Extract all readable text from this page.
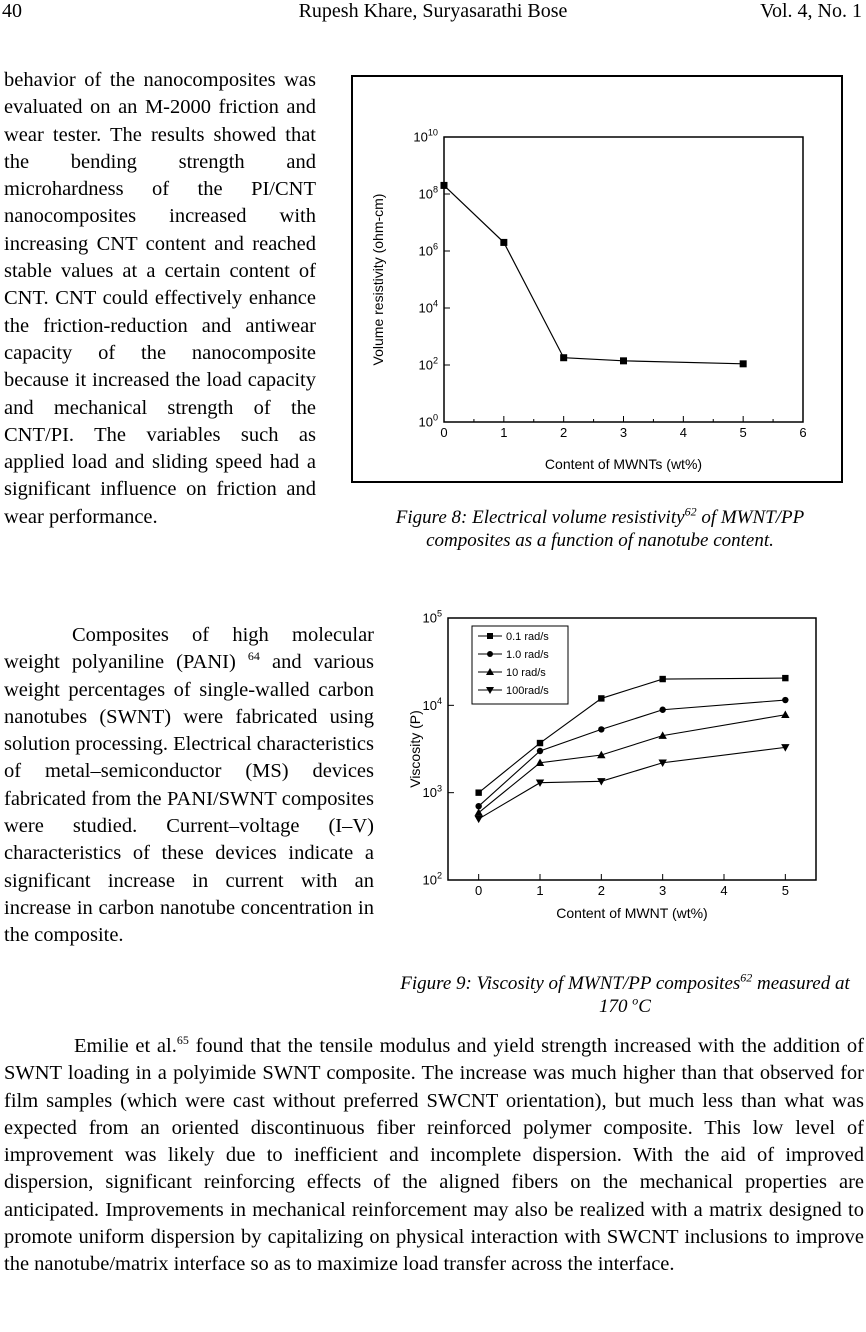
40	Rupesh Khare, Suryasarathi Bose	Vol. 4, No. 1

behavior of the nanocomposites was evaluated on an M-2000 friction and wear tester. The results showed that the bending strength and microhardness of the PI/CNT nanocomposites increased with increasing CNT content and reached stable values at a certain content of CNT. CNT could effectively enhance the friction-reduction and antiwear capacity of the nanocomposite because it increased the load capacity and mechanical strength of the CNT/PI. The variables such as applied load and sliding speed had a significant influence on friction and wear performance.

0	1	2	3	4	5	6
$10^0$
$10^2$
$10^4$
$10^6$
$10^8$
$10^{10}$
Content of MWNTs (wt%)
Volume resistivity (ohm-cm)

Figure 8: Electrical volume resistivity$^{62}$ of MWNT/PP composites as a function of nanotube content.

Composites of high molecular weight polyaniline (PANI) $^{64}$ and various weight percentages of single-walled carbon nanotubes (SWNT) were fabricated using solution processing. Electrical characteristics of metal–semiconductor (MS) devices fabricated from the PANI/SWNT composites were studied. Current–voltage (I–V) characteristics of these devices indicate a significant increase in current with an increase in carbon nanotube concentration in the composite.

0	1	2	3	4	5
$10^2$
$10^3$
$10^4$
$10^5$
Content of MWNT (wt%)
Viscosity (P)
0.1 rad/s
1.0 rad/s
10 rad/s
100rad/s

Figure 9: Viscosity of MWNT/PP composites$^{62}$ measured at 170 $^o$C

Emilie et al.$^{65}$ found that the tensile modulus and yield strength increased with the addition of SWNT loading in a polyimide SWNT composite. The increase was much higher than that observed for film samples (which were cast without preferred SWCNT orientation), but much less than what was expected from an oriented discontinuous fiber reinforced polymer composite. This low level of improvement was likely due to inefficient and incomplete dispersion. With the aid of improved dispersion, significant reinforcing effects of the aligned fibers on the mechanical properties are anticipated. Improvements in mechanical reinforcement may also be realized with a matrix designed to promote uniform dispersion by capitalizing on physical interaction with SWCNT inclusions to improve the nanotube/matrix interface so as to maximize load transfer across the interface.
